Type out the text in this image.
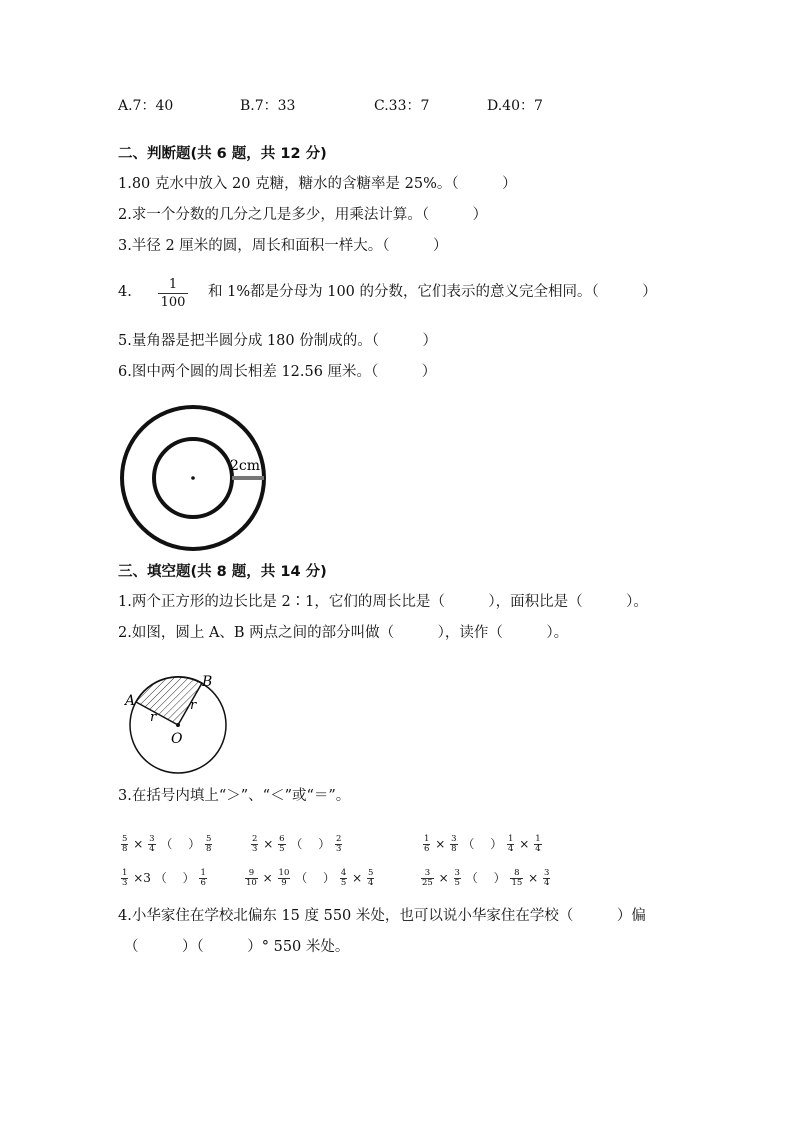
A.7：40	B.7：33	C.33：7	D.40：7
二、判断题(共 6 题，共 12 分)
1.80 克水中放入 20 克糖，糖水的含糖率是 25%。（　　　）
2.求一个分数的几分之几是多少，用乘法计算。（　　　）
3.半径 2 厘米的圆，周长和面积一样大。（　　　）
4. $\frac{1}{100}$ 和 1%都是分母为 100 的分数，它们表示的意义完全相同。（　　　）
5.量角器是把半圆分成 180 份制成的。（　　　）
6.图中两个圆的周长相差 12.56 厘米。（　　　）
2cm
三、填空题(共 8 题，共 14 分)
1.两个正方形的边长比是 2∶1，它们的周长比是（　　　），面积比是（　　　）。
2.如图，圆上 A、B 两点之间的部分叫做（　　　），读作（　　　）。
A
B
r
r
O
3.在括号内填上“＞”、“＜”或“＝”。
$\frac{5}{8} \times \frac{3}{4}$ （　 ） $\frac{5}{8}$	$\frac{2}{3} \times \frac{6}{5}$ （　 ） $\frac{2}{3}$	$\frac{1}{6} \times \frac{3}{8}$ （　 ） $\frac{1}{4} \times \frac{1}{4}$
$\frac{1}{3} \times 3$ （　 ） $\frac{1}{6}$	$\frac{9}{10} \times \frac{10}{9}$ （　 ） $\frac{4}{5} \times \frac{5}{4}$	$\frac{3}{25} \times \frac{3}{5}$ （　 ） $\frac{8}{15} \times \frac{3}{4}$
4.小华家住在学校北偏东 15 度 550 米处，也可以说小华家住在学校（　　　）偏
（　　　）（　　　）° 550 米处。
